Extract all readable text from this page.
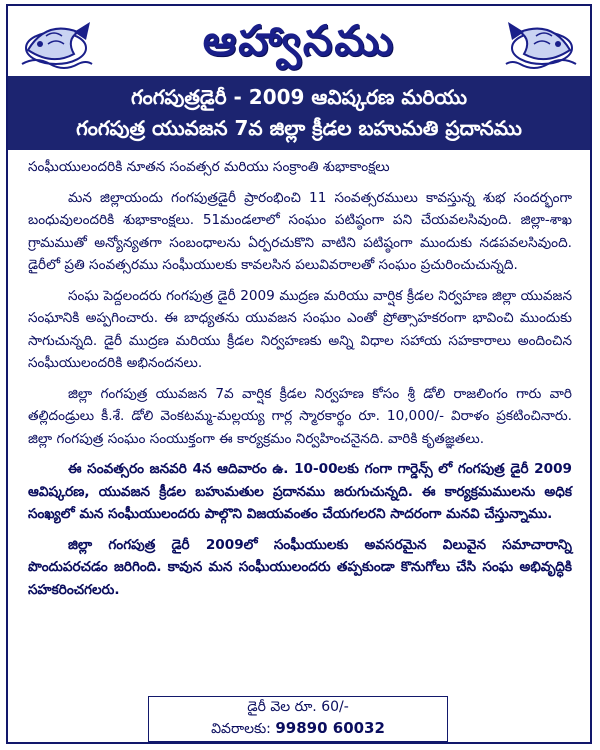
ఆహ్వానము
గంగపుత్రడైరీ - 2009 ఆవిష్కరణ మరియు
గంగపుత్ర యువజన 7వ జిల్లా క్రీడల బహుమతి ప్రదానము

సంఘీయులందరికి నూతన సంవత్సర మరియు సంక్రాంతి శుభాకాంక్షలు

మన జిల్లాయందు గంగపుత్రడైరీ ప్రారంభించి 11 సంవత్సరములు కావస్తున్న శుభ సందర్భంగా బంధువులందరికి శుభాకాంక్షలు. 51మండలాలో సంఘం పటిష్ఠంగా పని చేయవలసివుంది. జిల్లా-శాఖ గ్రామముతో అన్యోన్యతగా సంబంధాలను ఏర్పరచుకొని వాటిని పటిష్ఠంగా ముందుకు నడపవలసివుంది. డైరీలో ప్రతి సంవత్సరము సంఘీయులకు కావలసిన పలువివరాలతో సంఘం ప్రచురించుచున్నది.

సంఘ పెద్దలందరు గంగపుత్ర డైరీ 2009 ముద్రణ మరియు వార్షిక క్రీడల నిర్వహణ జిల్లా యువజన సంఘానికి అప్పగించారు. ఈ బాధ్యతను యువజన సంఘం ఎంతో ప్రోత్సాహకరంగా భావించి ముందుకు సాగుచున్నది. డైరీ ముద్రణ మరియు క్రీడల నిర్వహణకు అన్ని విధాల సహాయ సహకారాలు అందించిన సంఘీయులందరికి అభినందనలు.

జిల్లా గంగపుత్ర యువజన 7వ వార్షిక క్రీడల నిర్వహణ కోసం శ్రీ డోలి రాజలింగం గారు వారి తల్లిదండ్రులు కీ.శే. డోలి వెంకటమ్మ-మల్లయ్య గార్ల స్మారకార్థం రూ. 10,000/- విరాళం ప్రకటించినారు. జిల్లా గంగపుత్ర సంఘం సంయుక్తంగా ఈ కార్యక్రమం నిర్వహించనైనది. వారికి కృతజ్ఞతలు.

ఈ సంవత్సరం జనవరి 4న ఆదివారం ఉ. 10-00లకు గంగా గార్డెన్స్ లో గంగపుత్ర డైరీ 2009 ఆవిష్కరణ, యువజన క్రీడల బహుమతుల ప్రదానము జరుగుచున్నది. ఈ కార్యక్రమములను అధిక సంఖ్యలో మన సంఘీయులందరు పాల్గొని విజయవంతం చేయగలరని సాదరంగా మనవి చేస్తున్నాము.

జిల్లా గంగపుత్ర డైరీ 2009లో సంఘీయులకు అవసరమైన విలువైన సమాచారాన్ని పొందుపరచడం జరిగింది. కావున మన సంఘీయులందరు తప్పకుండా కొనుగోలు చేసి సంఘ అభివృద్ధికి సహకరించగలరు.

డైరీ వెల రూ. 60/-
వివరాలకు: 99890 60032
